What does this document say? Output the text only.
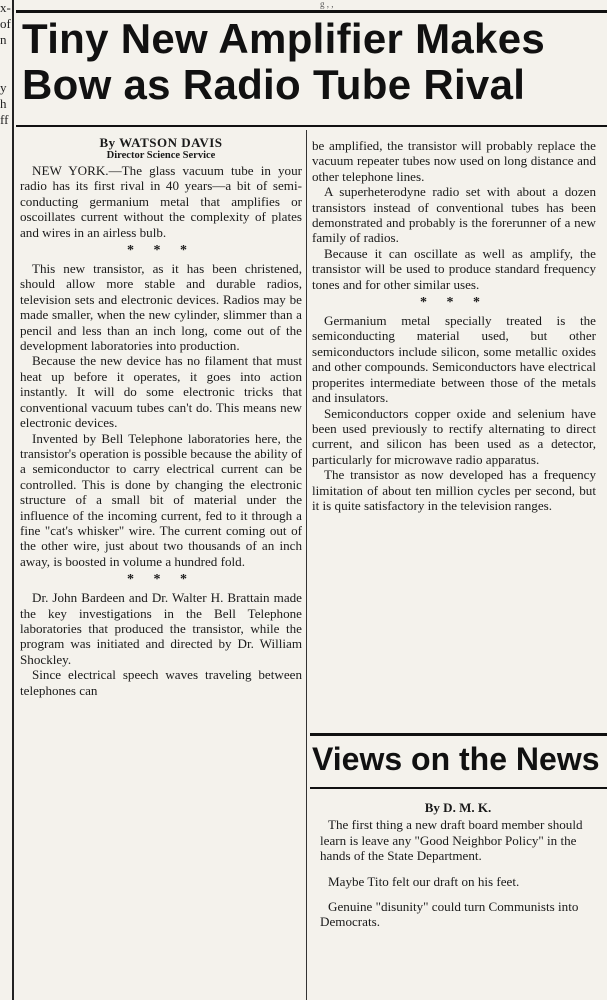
x-
of
n
y
h
ff
g , ,
Tiny New Amplifier Makes
Bow as Radio Tube Rival
By WATSON DAVIS
Director Science Service

NEW YORK.—The glass vacuum tube in your radio has its first rival in 40 years—a bit of semi-conducting germanium metal that amplifies or oscoillates current without the complexity of plates and wires in an airless bulb.

* * *

This new transistor, as it has been christened, should allow more stable and durable radios, television sets and electronic devices. Radios may be made smaller, when the new cylinder, slimmer than a pencil and less than an inch long, come out of the development laboratories into production.

Because the new device has no filament that must heat up before it operates, it goes into action instantly. It will do some electronic tricks that conventional vacuum tubes can't do. This means new electronic devices.

Invented by Bell Telephone laboratories here, the transistor's operation is possible because the ability of a semiconductor to carry electrical current can be controlled. This is done by changing the electronic structure of a small bit of material under the influence of the incoming current, fed to it through a fine "cat's whisker" wire. The current coming out of the other wire, just about two thousands of an inch away, is boosted in volume a hundred fold.

* * *

Dr. John Bardeen and Dr. Walter H. Brattain made the key investigations in the Bell Telephone laboratories that produced the transistor, while the program was initiated and directed by Dr. William Shockley.

Since electrical speech waves traveling between telephones can

be amplified, the transistor will probably replace the vacuum repeater tubes now used on long distance and other telephone lines.

A superheterodyne radio set with about a dozen transistors instead of conventional tubes has been demonstrated and probably is the forerunner of a new family of radios.

Because it can oscillate as well as amplify, the transistor will be used to produce standard frequency tones and for other similar uses.

* * *

Germanium metal specially treated is the semiconducting material used, but other semiconductors include silicon, some metallic oxides and other compounds. Semiconductors have electrical properites intermediate between those of the metals and insulators.

Semiconductors copper oxide and selenium have been used previously to rectify alternating to direct current, and silicon has been used as a detector, particularly for microwave radio apparatus.

The transistor as now developed has a frequency limitation of about ten million cycles per second, but it is quite satisfactory in the television ranges.

Views on the News

By D. M. K.

The first thing a new draft board member should learn is leave any "Good Neighbor Policy" in the hands of the State Department.

Maybe Tito felt our draft on his feet.

Genuine "disunity" could turn Communists into Democrats.
